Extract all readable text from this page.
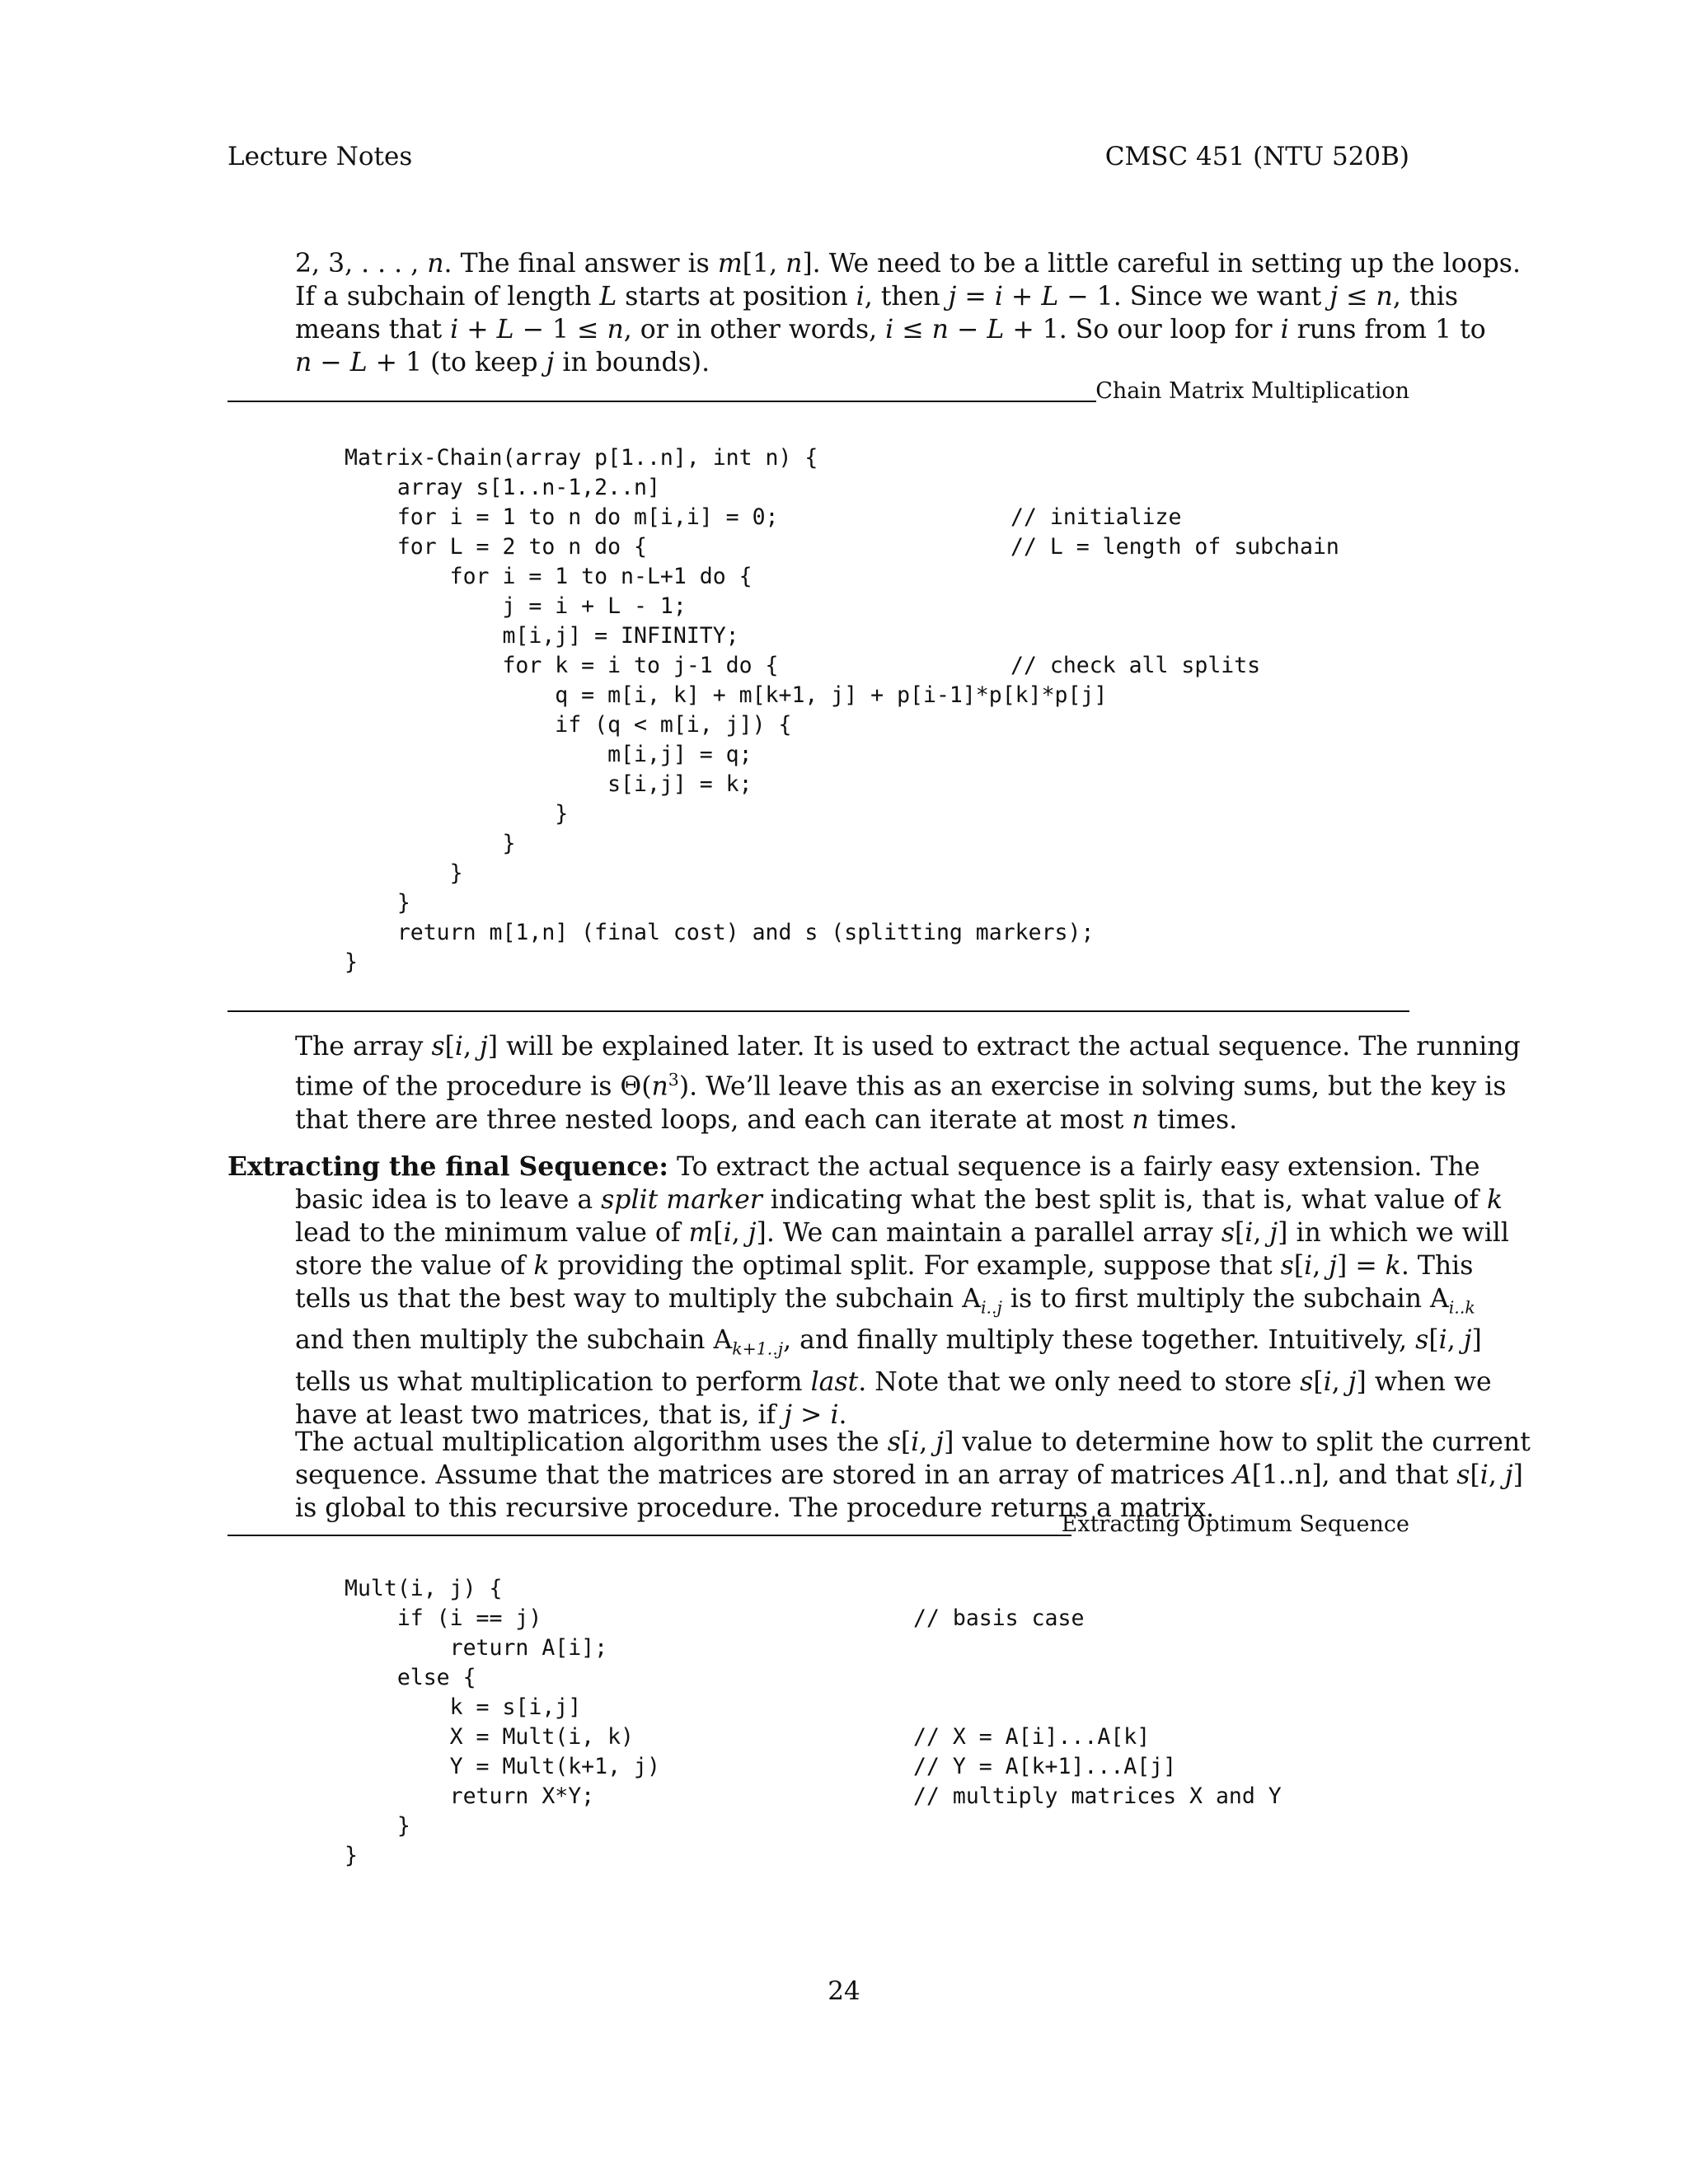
Lecture Notes	CMSC 451 (NTU 520B)
2, 3, . . . , n. The final answer is m[1, n]. We need to be a little careful in setting up the loops.
If a subchain of length L starts at position i, then j = i + L − 1. Since we want j ≤ n, this
means that i + L − 1 ≤ n, or in other words, i ≤ n − L + 1. So our loop for i runs from 1 to
n − L + 1 (to keep j in bounds).
Chain Matrix Multiplication
Matrix-Chain(array p[1..n], int n) {
array s[1..n-1,2..n]
for i = 1 to n do m[i,i] = 0;	// initialize
for L = 2 to n do {	// L = length of subchain
for i = 1 to n-L+1 do {
j = i + L - 1;
m[i,j] = INFINITY;
for k = i to j-1 do {	// check all splits
q = m[i, k] + m[k+1, j] + p[i-1]*p[k]*p[j]
if (q < m[i, j]) {
m[i,j] = q;
s[i,j] = k;
}
}
}
}
return m[1,n] (final cost) and s (splitting markers);
}
The array s[i, j] will be explained later. It is used to extract the actual sequence. The running
time of the procedure is $\Theta(n^3)$. We’ll leave this as an exercise in solving sums, but the key is
that there are three nested loops, and each can iterate at most n times.
Extracting the final Sequence: To extract the actual sequence is a fairly easy extension. The
basic idea is to leave a split marker indicating what the best split is, that is, what value of k
lead to the minimum value of m[i, j]. We can maintain a parallel array s[i, j] in which we will
store the value of k providing the optimal split. For example, suppose that s[i, j] = k. This
tells us that the best way to multiply the subchain $A_{i..j}$ is to first multiply the subchain $A_{i..k}$
and then multiply the subchain $A_{k+1..j}$, and finally multiply these together. Intuitively, s[i, j]
tells us what multiplication to perform last. Note that we only need to store s[i, j] when we
have at least two matrices, that is, if j > i.
The actual multiplication algorithm uses the s[i, j] value to determine how to split the current
sequence. Assume that the matrices are stored in an array of matrices A[1..n], and that s[i, j]
is global to this recursive procedure. The procedure returns a matrix.
Extracting Optimum Sequence
Mult(i, j) {
if (i == j)	// basis case
return A[i];
else {
k = s[i,j]
X = Mult(i, k)	// X = A[i]...A[k]
Y = Mult(k+1, j)	// Y = A[k+1]...A[j]
return X*Y;	// multiply matrices X and Y
}
}
24
